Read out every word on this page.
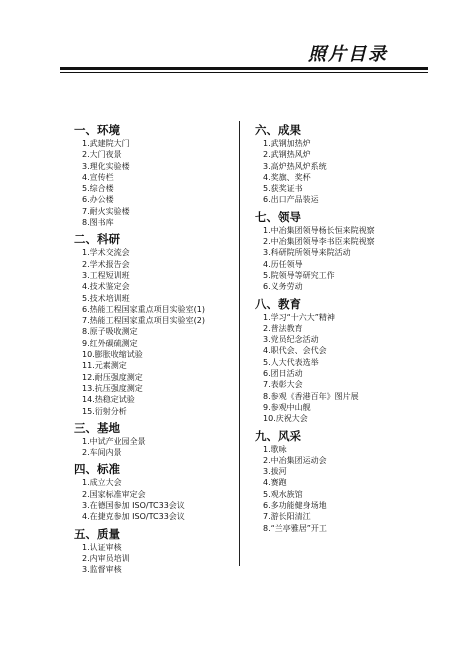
照片目录
一、环境
1.武建院大门
2.大门夜景
3.理化实验楼
4.宣传栏
5.综合楼
6.办公楼
7.耐火实验楼
8.图书库
二、科研
1.学术交流会
2.学术报告会
3.工程短训班
4.技术鉴定会
5.技术培训班
6.热能工程国家重点项目实验室(1)
7.热能工程国家重点项目实验室(2)
8.原子吸收测定
9.红外碳硫测定
10.膨胀收缩试验
11.元素测定
12.耐压强度测定
13.抗压强度测定
14.热稳定试验
15.衍射分析
三、基地
1.中试产业园全景
2.车间内景
四、标准
1.成立大会
2.国家标准审定会
3.在德国参加 ISO/TC33会议
4.在捷克参加 ISO/TC33会议
五、质量
1.认证审核
2.内审员培训
3.监督审核
六、成果
1.武钢加热炉
2.武钢热风炉
3.高炉热风炉系统
4.奖旗、奖杯
5.获奖证书
6.出口产品装运
七、领导
1.中冶集团领导杨长恒来院视察
2.中冶集团领导李书臣来院视察
3.科研院所领导来院活动
4.历任领导
5.院领导等研究工作
6.义务劳动
八、教育
1.学习“十六大”精神
2.普法教育
3.党员纪念活动
4.职代会、会代会
5.人大代表选举
6.团日活动
7.表彰大会
8.参观《香港百年》图片展
9.参观中山舰
10.庆祝大会
九、风采
1.歌咏
2.中冶集团运动会
3.拔河
4.赛跑
5.观水族馆
6.多功能健身场地
7.游长阳清江
8.“兰亭雅居”开工
